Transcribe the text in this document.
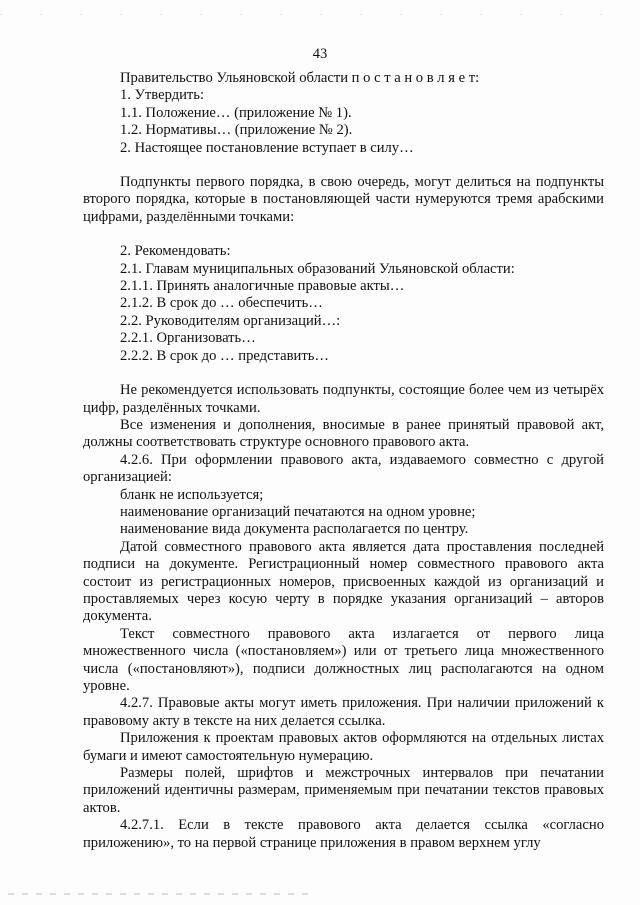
43

Правительство Ульяновской области п о с т а н о в л я е т:

1. Утвердить:

1.1. Положение… (приложение № 1).

1.2. Нормативы… (приложение № 2).

2. Настоящее постановление вступает в силу…

Подпункты первого порядка, в свою очередь, могут делиться на подпункты второго порядка, которые в постановляющей части нумеруются тремя арабскими цифрами, разделёнными точками:

2. Рекомендовать:

2.1. Главам муниципальных образований Ульяновской области:

2.1.1. Принять аналогичные правовые акты…

2.1.2. В срок до … обеспечить…

2.2. Руководителям организаций…:

2.2.1. Организовать…

2.2.2. В срок до … представить…

Не рекомендуется использовать подпункты, состоящие более чем из четырёх цифр, разделённых точками.

Все изменения и дополнения, вносимые в ранее принятый правовой акт, должны соответствовать структуре основного правового акта.

4.2.6. При оформлении правового акта, издаваемого совместно с другой организацией:

бланк не используется;

наименование организаций печатаются на одном уровне;

наименование вида документа располагается по центру.

Датой совместного правового акта является дата проставления последней подписи на документе. Регистрационный номер совместного правового акта состоит из регистрационных номеров, присвоенных каждой из организаций и проставляемых через косую черту в порядке указания организаций – авторов документа.

Текст совместного правового акта излагается от первого лица множественного числа («постановляем») или от третьего лица множественного числа («постановляют»), подписи должностных лиц располагаются на одном уровне.

4.2.7. Правовые акты могут иметь приложения. При наличии приложений к правовому акту в тексте на них делается ссылка.

Приложения к проектам правовых актов оформляются на отдельных листах бумаги и имеют самостоятельную нумерацию.

Размеры полей, шрифтов и межстрочных интервалов при печатании приложений идентичны размерам, применяемым при печатании текстов правовых актов.

4.2.7.1. Если в тексте правового акта делается ссылка «согласно приложению», то на первой странице приложения в правом верхнем углу
